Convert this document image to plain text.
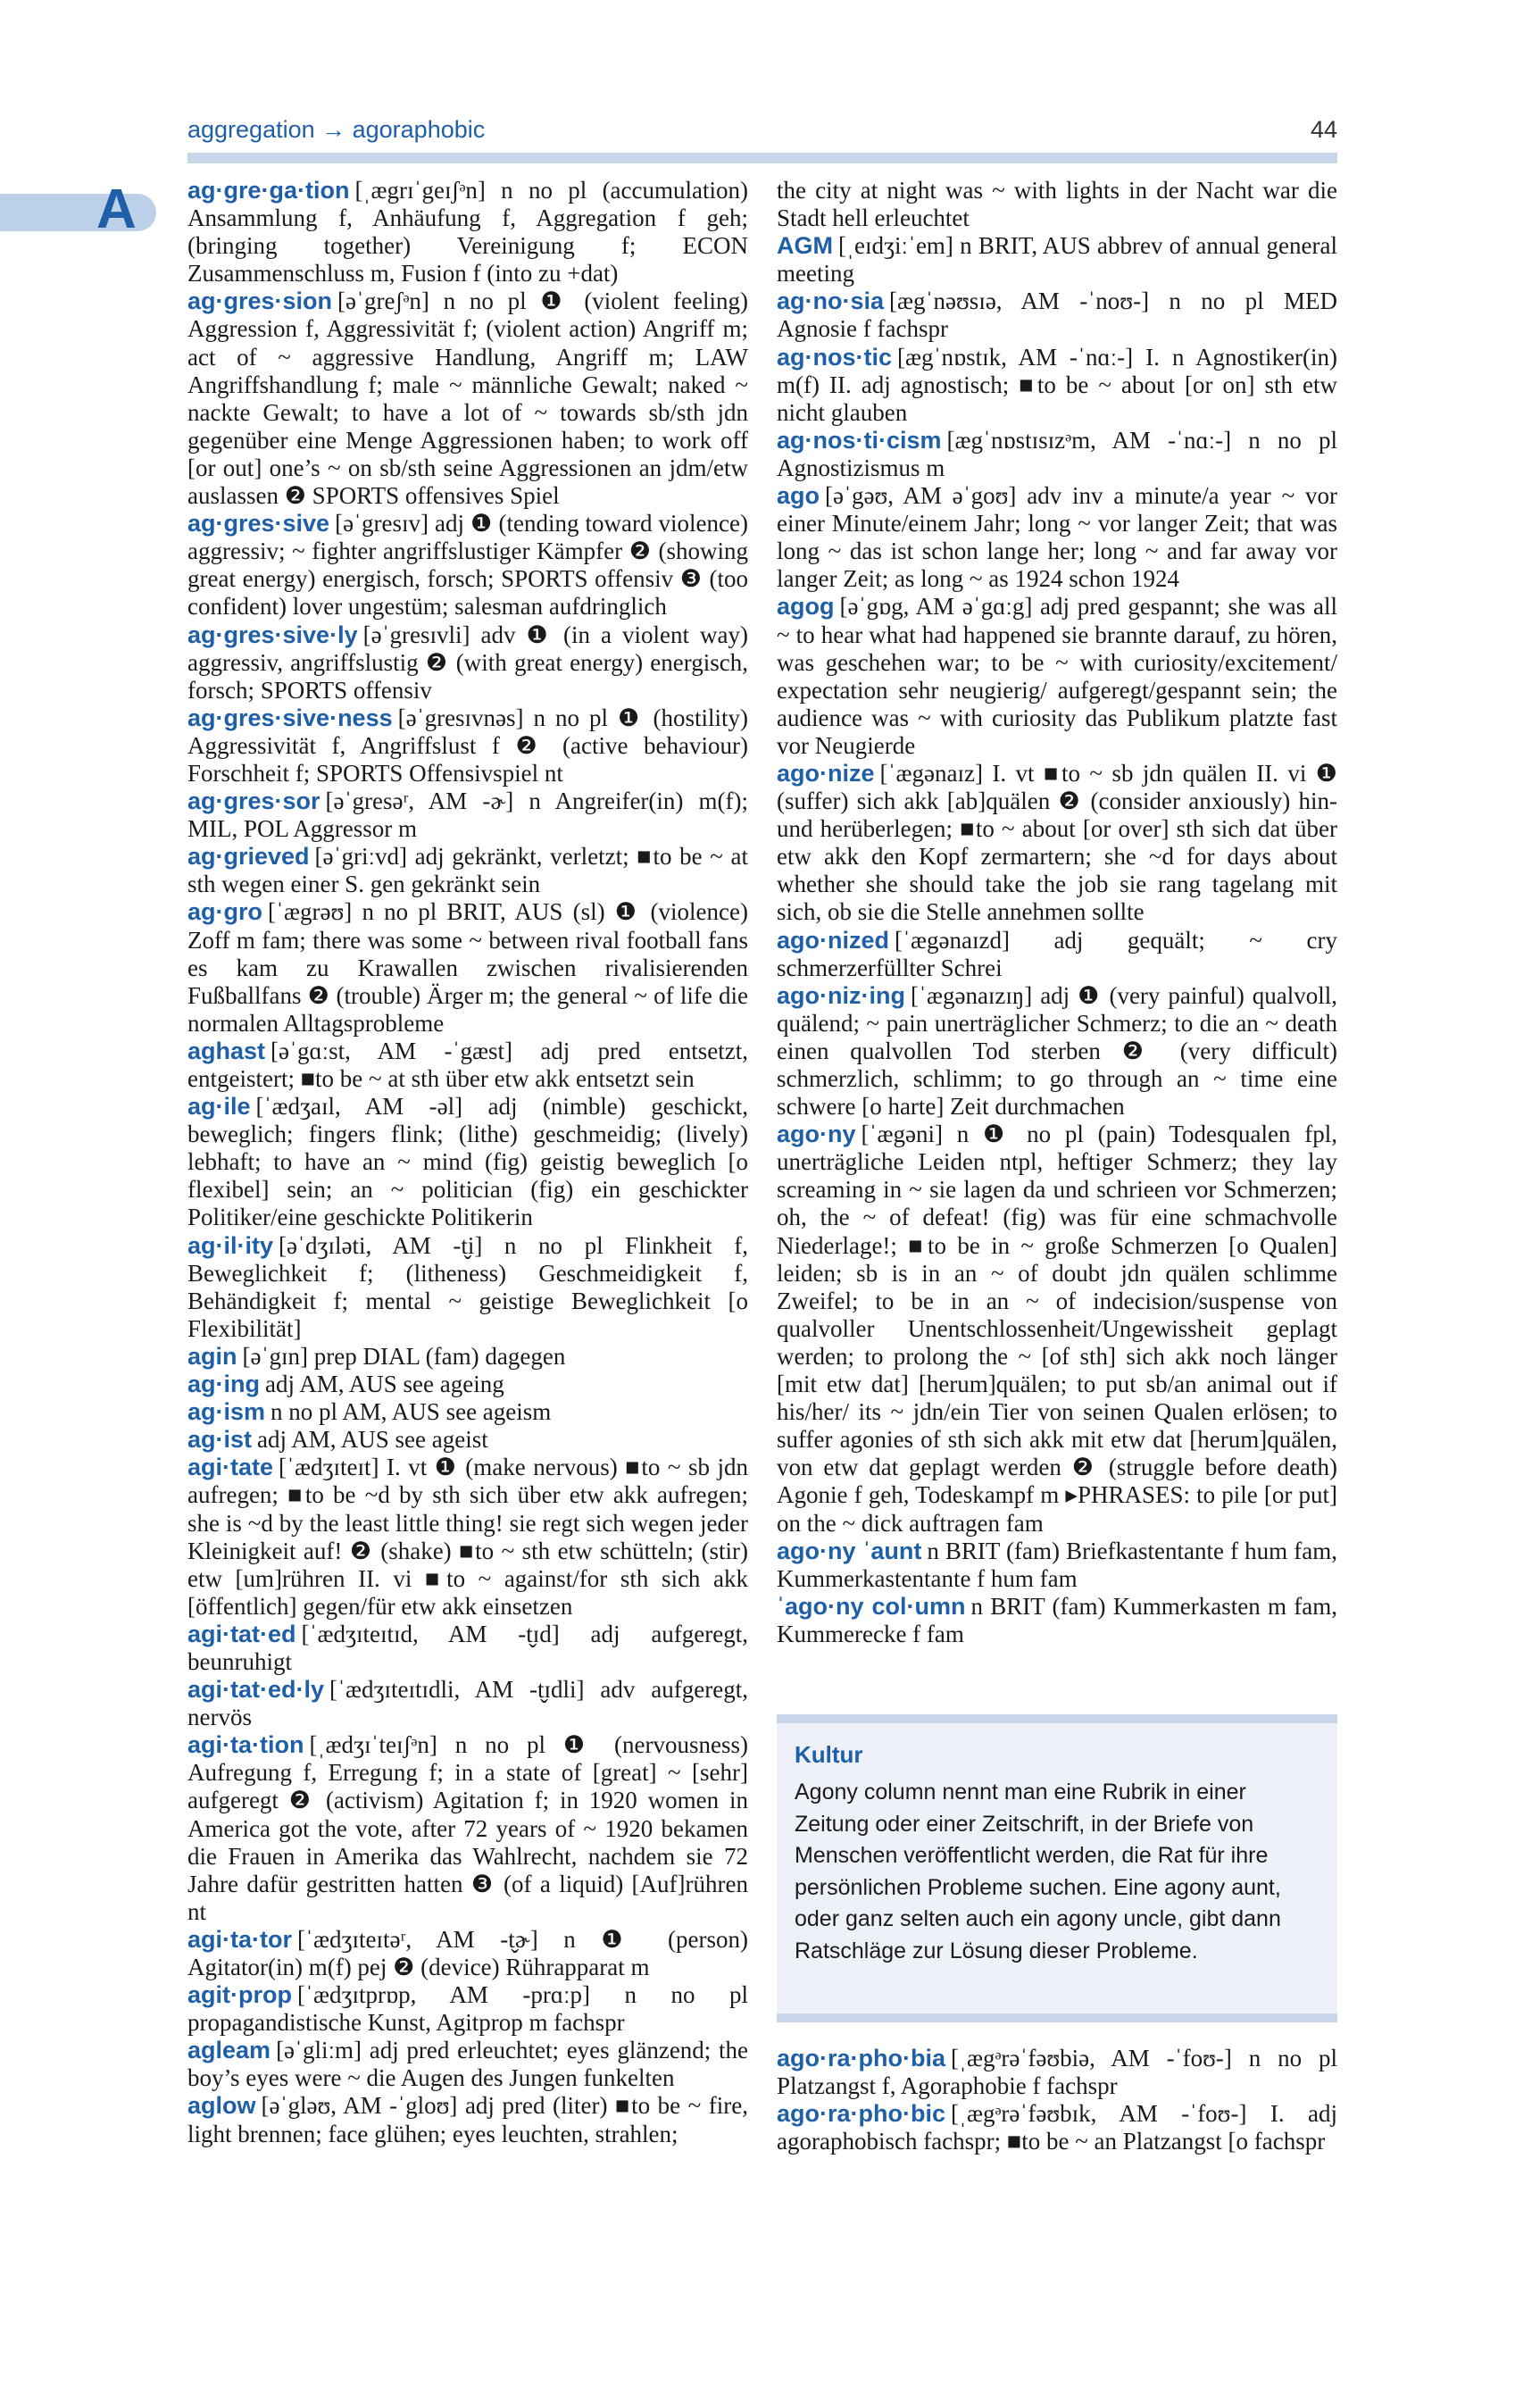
aggregation → agoraphobic	44
A ag·gre·ga·tion [ˌægrɪˈgeɪʃᵊn] n no pl (accumulation) Ansammlung f, Anhäufung f, Aggregation f geh; (bringing together) Vereinigung f; ECON Zusammenschluss m, Fusion f (into zu +dat)

ag·gres·sion [əˈgreʃᵊn] n no pl ❶ (violent feeling) Aggression f, Aggressivität f; (violent action) Angriff m; act of ~ aggressive Handlung, Angriff m; LAW Angriffshandlung f; male ~ männliche Gewalt; naked ~ nackte Gewalt; to have a lot of ~ towards sb/sth jdn gegenüber eine Menge Aggressionen haben; to work off [or out] one’s ~ on sb/sth seine Aggressionen an jdm/etw auslassen ❷ SPORTS offensives Spiel

ag·gres·sive [əˈgresɪv] adj ❶ (tending toward violence) aggressiv; ~ fighter angriffslustiger Kämpfer ❷ (showing great energy) energisch, forsch; SPORTS offensiv ❸ (too confident) lover ungestüm; salesman aufdringlich

ag·gres·sive·ly [əˈgresɪvli] adv ❶ (in a violent way) aggressiv, angriffslustig ❷ (with great energy) energisch, forsch; SPORTS offensiv

ag·gres·sive·ness [əˈgresɪvnəs] n no pl ❶ (hostility) Aggressivität f, Angriffslust f ❷ (active behaviour) Forschheit f; SPORTS Offensivspiel nt

ag·gres·sor [əˈgresəʳ, AM -ɚ] n Angreifer(in) m(f); MIL, POL Aggressor m

ag·grieved [əˈgriːvd] adj gekränkt, verletzt; ■to be ~ at sth wegen einer S. gen gekränkt sein

ag·gro [ˈægrəʊ] n no pl BRIT, AUS (sl) ❶ (violence) Zoff m fam; there was some ~ between rival football fans es kam zu Krawallen zwischen rivalisierenden Fußballfans ❷ (trouble) Ärger m; the general ~ of life die normalen Alltagsprobleme

aghast [əˈgɑːst, AM -ˈgæst] adj pred entsetzt, entgeistert; ■to be ~ at sth über etw akk entsetzt sein

ag·ile [ˈædʒaɪl, AM -əl] adj (nimble) geschickt, beweglich; fingers flink; (lithe) geschmeidig; (lively) lebhaft; to have an ~ mind (fig) geistig beweglich [o flexibel] sein; an ~ politician (fig) ein geschickter Politiker/eine geschickte Politikerin

ag·il·ity [əˈdʒɪləti, AM -t̬i] n no pl Flinkheit f, Beweglichkeit f; (litheness) Geschmeidigkeit f, Behändigkeit f; mental ~ geistige Beweglichkeit [o Flexibilität]

agin [əˈgɪn] prep DIAL (fam) dagegen

ag·ing adj AM, AUS see ageing

ag·ism n no pl AM, AUS see ageism

ag·ist adj AM, AUS see ageist

agi·tate [ˈædʒɪteɪt] I. vt ❶ (make nervous) ■to ~ sb jdn aufregen; ■to be ~d by sth sich über etw akk aufregen; she is ~d by the least little thing! sie regt sich wegen jeder Kleinigkeit auf! ❷ (shake) ■to ~ sth etw schütteln; (stir) etw [um]rühren II. vi ■to ~ against/for sth sich akk [öffentlich] gegen/für etw akk einsetzen

agi·tat·ed [ˈædʒɪteɪtɪd, AM -t̬ɪd] adj aufgeregt, beunruhigt

agi·tat·ed·ly [ˈædʒɪteɪtɪdli, AM -t̬ɪdli] adv aufgeregt, nervös

agi·ta·tion [ˌædʒɪˈteɪʃᵊn] n no pl ❶ (nervousness) Aufregung f, Erregung f; in a state of [great] ~ [sehr] aufgeregt ❷ (activism) Agitation f; in 1920 women in America got the vote, after 72 years of ~ 1920 bekamen die Frauen in Amerika das Wahlrecht, nachdem sie 72 Jahre dafür gestritten hatten ❸ (of a liquid) [Auf]rühren nt

agi·ta·tor [ˈædʒɪteɪtəʳ, AM -t̬ɚ] n ❶ (person) Agitator(in) m(f) pej ❷ (device) Rührapparat m

agit·prop [ˈædʒɪtprɒp, AM -prɑːp] n no pl propagandistische Kunst, Agitprop m fachspr

agleam [əˈgliːm] adj pred erleuchtet; eyes glänzend; the boy’s eyes were ~ die Augen des Jungen funkelten

aglow [əˈgləʊ, AM -ˈgloʊ] adj pred (liter) ■to be ~ fire, light brennen; face glühen; eyes leuchten, strahlen;

the city at night was ~ with lights in der Nacht war die Stadt hell erleuchtet

AGM [ˌeɪdʒiːˈem] n BRIT, AUS abbrev of annual general meeting

ag·no·sia [ægˈnəʊsɪə, AM -ˈnoʊ-] n no pl MED Agnosie f fachspr

ag·nos·tic [ægˈnɒstɪk, AM -ˈnɑː-] I. n Agnostiker(in) m(f) II. adj agnostisch; ■to be ~ about [or on] sth etw nicht glauben

ag·nos·ti·cism [ægˈnɒstɪsɪzᵊm, AM -ˈnɑː-] n no pl Agnostizismus m

ago [əˈgəʊ, AM əˈgoʊ] adv inv a minute/a year ~ vor einer Minute/einem Jahr; long ~ vor langer Zeit; that was long ~ das ist schon lange her; long ~ and far away vor langer Zeit; as long ~ as 1924 schon 1924

agog [əˈgɒg, AM əˈgɑːg] adj pred gespannt; she was all ~ to hear what had happened sie brannte darauf, zu hören, was geschehen war; to be ~ with curiosity/excitement/ expectation sehr neugierig/ aufgeregt/gespannt sein; the audience was ~ with curiosity das Publikum platzte fast vor Neugierde

ago·nize [ˈægənaɪz] I. vt ■to ~ sb jdn quälen II. vi ❶ (suffer) sich akk [ab]quälen ❷ (consider anxiously) hin- und herüberlegen; ■to ~ about [or over] sth sich dat über etw akk den Kopf zermartern; she ~d for days about whether she should take the job sie rang tagelang mit sich, ob sie die Stelle annehmen sollte

ago·nized [ˈægənaɪzd] adj gequält; ~ cry schmerzerfüllter Schrei

ago·niz·ing [ˈægənaɪzɪŋ] adj ❶ (very painful) qualvoll, quälend; ~ pain unerträglicher Schmerz; to die an ~ death einen qualvollen Tod sterben ❷ (very difficult) schmerzlich, schlimm; to go through an ~ time eine schwere [o harte] Zeit durchmachen

ago·ny [ˈægəni] n ❶ no pl (pain) Todesqualen fpl, unerträgliche Leiden ntpl, heftiger Schmerz; they lay screaming in ~ sie lagen da und schrieen vor Schmerzen; oh, the ~ of defeat! (fig) was für eine schmachvolle Niederlage!; ■to be in ~ große Schmerzen [o Qualen] leiden; sb is in an ~ of doubt jdn quälen schlimme Zweifel; to be in an ~ of indecision/suspense von qualvoller Unentschlossenheit/Ungewissheit geplagt werden; to prolong the ~ [of sth] sich akk noch länger [mit etw dat] [herum]quälen; to put sb/an animal out if his/her/ its ~ jdn/ein Tier von seinen Qualen erlösen; to suffer agonies of sth sich akk mit etw dat [herum]quälen, von etw dat geplagt werden ❷ (struggle before death) Agonie f geh, Todeskampf m ▸PHRASES: to pile [or put] on the ~ dick auftragen fam

ago·ny ˈaunt n BRIT (fam) Briefkastentante f hum fam, Kummerkastentante f hum fam

ˈago·ny col·umn n BRIT (fam) Kummerkasten m fam, Kummerecke f fam

Kultur
Agony column nennt man eine Rubrik in einer Zeitung oder einer Zeitschrift, in der Briefe von Menschen veröffentlicht werden, die Rat für ihre persönlichen Probleme suchen. Eine agony aunt, oder ganz selten auch ein agony uncle, gibt dann Ratschläge zur Lösung dieser Probleme.

ago·ra·pho·bia [ˌægᵊrəˈfəʊbiə, AM -ˈfoʊ-] n no pl Platzangst f, Agoraphobie f fachspr

ago·ra·pho·bic [ˌægᵊrəˈfəʊbɪk, AM -ˈfoʊ-] I. adj agoraphobisch fachspr; ■to be ~ an Platzangst [o fachspr
